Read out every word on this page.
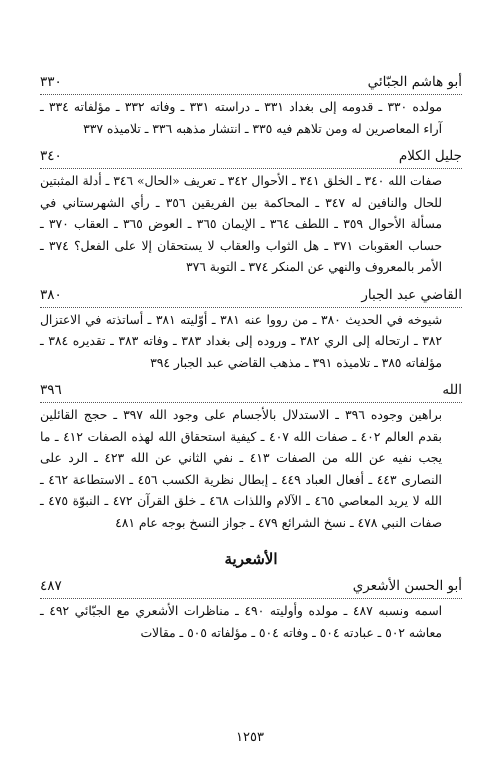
أبو هاشم الجبّائي
٣٣٠
مولده ٣٣٠ ـ قدومه إلى بغداد ٣٣١ ـ دراسته ٣٣١ ـ وفاته ٣٣٢ ـ مؤلفاته ٣٣٤ ـ آراء المعاصرين له ومن تلاهم فيه ٣٣٥ ـ انتشار مذهبه ٣٣٦ ـ تلاميذه ٣٣٧
جليل الكلام
٣٤٠
صفات الله ٣٤٠ ـ الخلق ٣٤١ ـ الأحوال ٣٤٢ ـ تعريف «الحال» ٣٤٦ ـ أدلة المثبتين للحال والنافين له ٣٤٧ ـ المحاكمة بين الفريقين ٣٥٦ ـ رأي الشهرستاني في مسألة الأحوال ٣٥٩ ـ اللطف ٣٦٤ ـ الإيمان ٣٦٥ ـ العوض ٣٦٥ ـ العقاب ٣٧٠ ـ حساب العقوبات ٣٧١ ـ هل الثواب والعقاب لا يستحقان إلا على الفعل؟ ٣٧٤ ـ الأمر بالمعروف والنهي عن المنكر ٣٧٤ ـ التوبة ٣٧٦
القاضي عبد الجبار
٣٨٠
شيوخه في الحديث ٣٨٠ ـ من رووا عنه ٣٨١ ـ أوّليته ٣٨١ ـ أساتذته في الاعتزال ٣٨٢ ـ ارتحاله إلى الري ٣٨٢ ـ وروده إلى بغداد ٣٨٣ ـ وفاته ٣٨٣ ـ تقديره ٣٨٤ ـ مؤلفاته ٣٨٥ ـ تلاميذه ٣٩١ ـ مذهب القاضي عبد الجبار ٣٩٤
الله
٣٩٦
براهين وجوده ٣٩٦ ـ الاستدلال بالأجسام على وجود الله ٣٩٧ ـ حجج القائلين بقدم العالم ٤٠٢ ـ صفات الله ٤٠٧ ـ كيفية استحقاق الله لهذه الصفات ٤١٢ ـ ما يجب نفيه عن الله من الصفات ٤١٣ ـ نفي الثاني عن الله ٤٢٣ ـ الرد على النصارى ٤٤٣ ـ أفعال العباد ٤٤٩ ـ إبطال نظرية الكسب ٤٥٦ ـ الاستطاعة ٤٦٢ ـ الله لا يريد المعاصي ٤٦٥ ـ الآلام واللذات ٤٦٨ ـ خلق القرآن ٤٧٢ ـ النبوّة ٤٧٥ ـ صفات النبي ٤٧٨ ـ نسخ الشرائع ٤٧٩ ـ جواز النسخ بوجه عام ٤٨١
الأشعرية
أبو الحسن الأشعري
٤٨٧
اسمه ونسبه ٤٨٧ ـ مولده وأوليته ٤٩٠ ـ مناظرات الأشعري مع الجبّائي ٤٩٢ ـ معاشه ٥٠٢ ـ عبادته ٥٠٤ ـ وفاته ٥٠٤ ـ مؤلفاته ٥٠٥ ـ مقالات
١٢٥٣
